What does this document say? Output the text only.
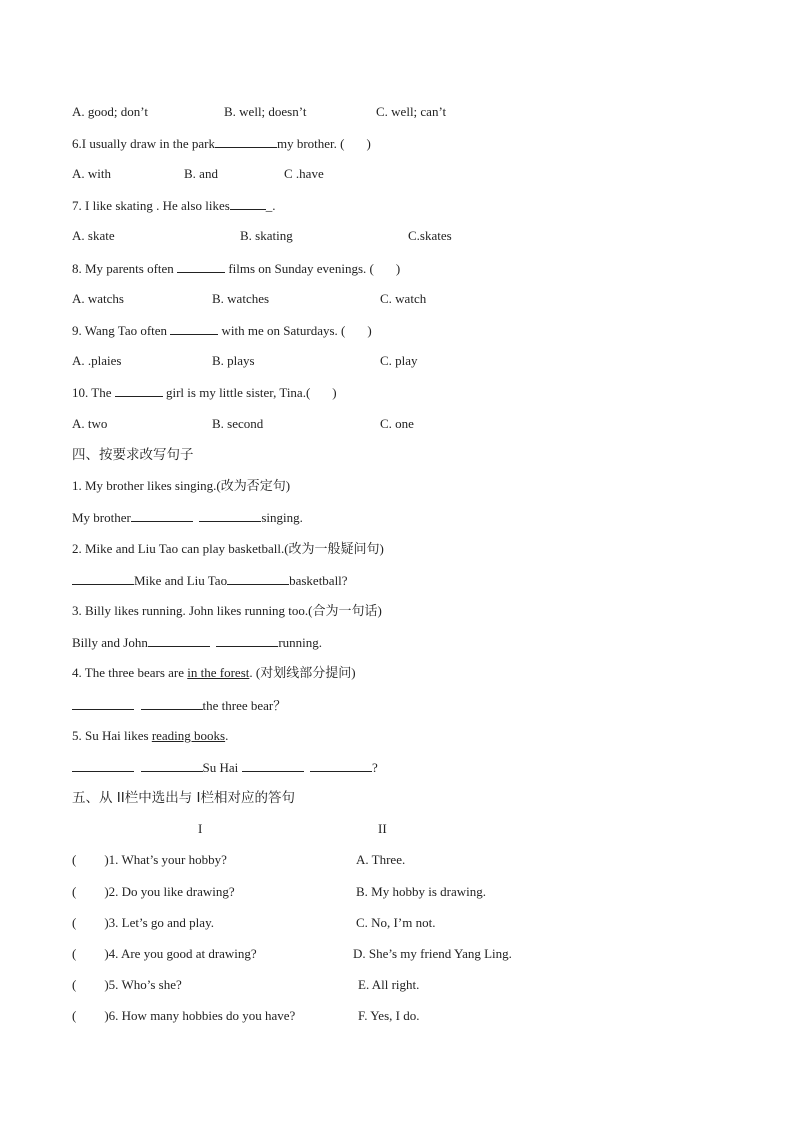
A. good; don’t	B. well; doesn’t	C. well; can’t
6.I usually draw in the park	my brother. ( )
A. with	B. and	C .have
7. I like skating . He also likes	_.
A. skate	B. skating	C.skates
8. My parents often	films on Sunday evenings. ( )
A. watchs	B. watches	C. watch
9. Wang Tao often	with me on Saturdays. ( )
A. .plaies	B. plays	C. play
10. The	girl is my little sister, Tina.( )
A. two	B. second	C. one
四、按要求改写句子
1. My brother likes singing.(改为否定句)
My brother	singing.
2. Mike and Liu Tao can play basketball.(改为一般疑问句)
Mike and Liu Tao	basketball?
3. Billy likes running. John likes running too.(合为一句话)
Billy and John	running.
4. The three bears are in the forest. (对划线部分提问)
the three bear？
5. Su Hai likes reading books.
Su Hai	?
五、从 II栏中选出与 I栏相对应的答句
I	II
( )1. What’s your hobby?	A. Three.
( )2. Do you like drawing?	B. My hobby is drawing.
( )3. Let’s go and play.	C. No, I’m not.
( )4. Are you good at drawing?	D. She’s my friend Yang Ling.
( )5. Who’s she?	E. All right.
( )6. How many hobbies do you have?	F. Yes, I do.
